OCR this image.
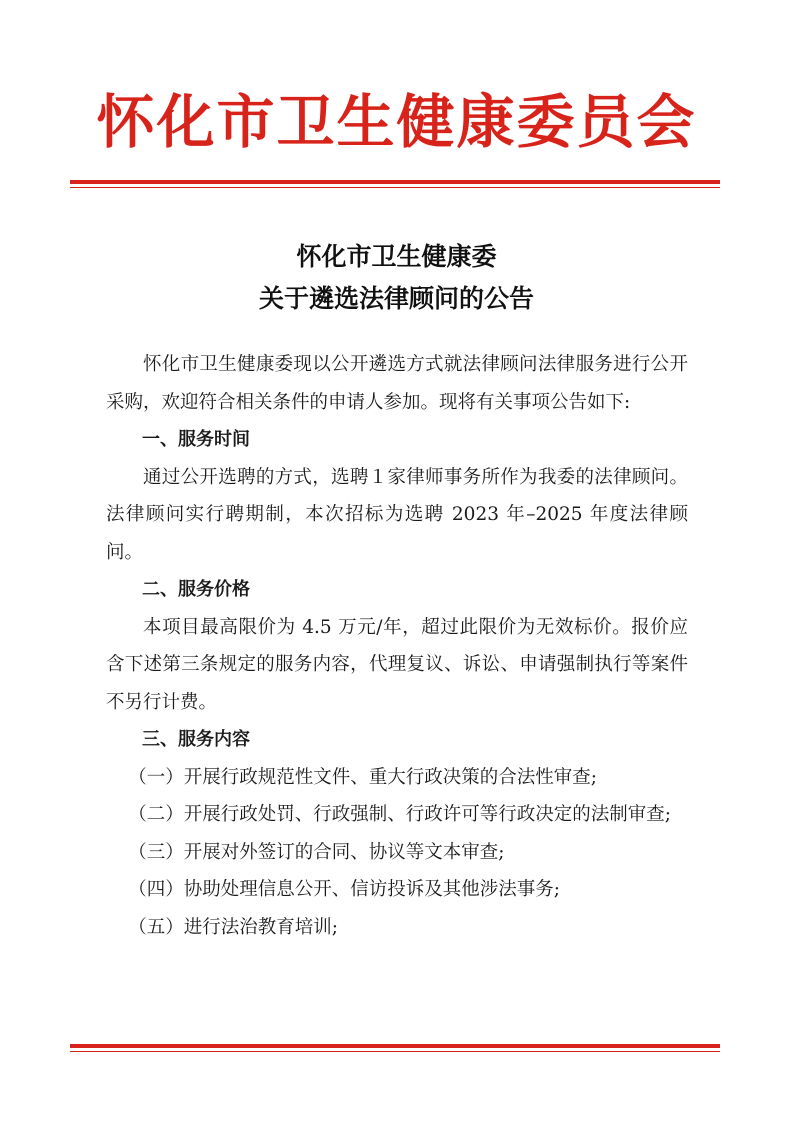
怀化市卫生健康委员会
怀化市卫生健康委
关于遴选法律顾问的公告

怀化市卫生健康委现以公开遴选方式就法律顾问法律服务进行公开采购，欢迎符合相关条件的申请人参加。现将有关事项公告如下:

一、服务时间

通过公开选聘的方式，选聘１家律师事务所作为我委的法律顾问。法律顾问实行聘期制，本次招标为选聘 2023 年–2025 年度法律顾问。

二、服务价格

本项目最高限价为 4.5 万元/年，超过此限价为无效标价。报价应含下述第三条规定的服务内容，代理复议、诉讼、申请强制执行等案件不另行计费。

三、服务内容

（一）开展行政规范性文件、重大行政决策的合法性审查;

（二）开展行政处罚、行政强制、行政许可等行政决定的法制审查;

（三）开展对外签订的合同、协议等文本审查;

（四）协助处理信息公开、信访投诉及其他涉法事务;

（五）进行法治教育培训;
